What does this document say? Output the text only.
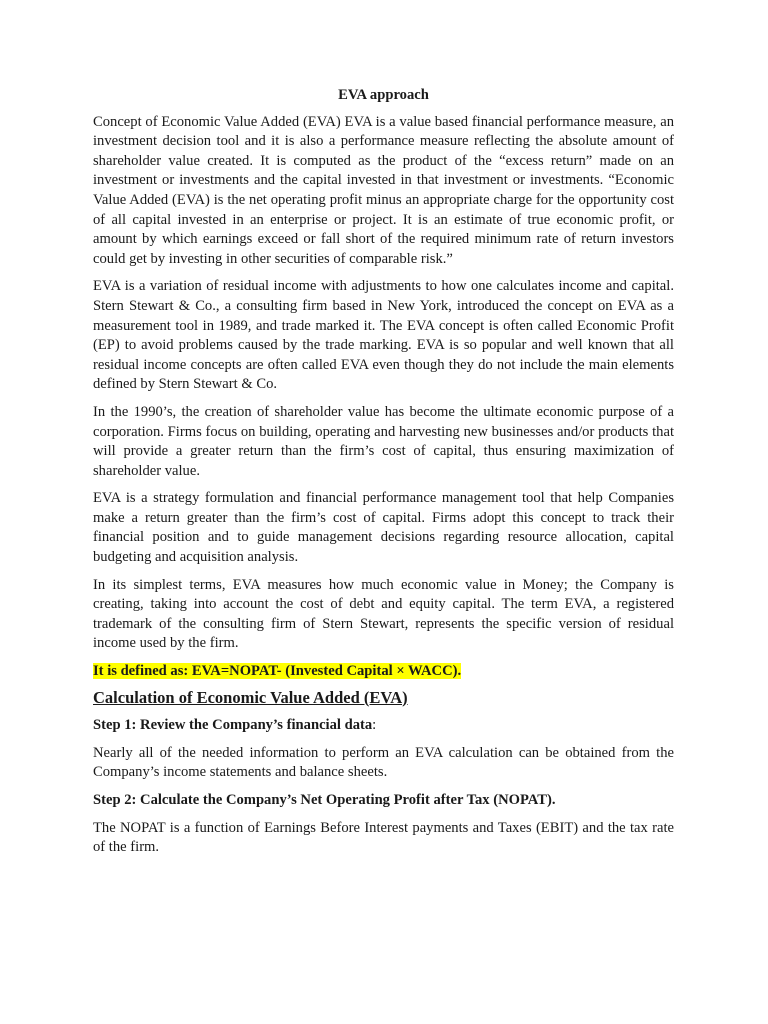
EVA approach

Concept of Economic Value Added (EVA) EVA is a value based financial performance measure, an investment decision tool and it is also a performance measure reflecting the absolute amount of shareholder value created. It is computed as the product of the “excess return” made on an investment or investments and the capital invested in that investment or investments. “Economic Value Added (EVA) is the net operating profit minus an appropriate charge for the opportunity cost of all capital invested in an enterprise or project. It is an estimate of true economic profit, or amount by which earnings exceed or fall short of the required minimum rate of return investors could get by investing in other securities of comparable risk.”

EVA is a variation of residual income with adjustments to how one calculates income and capital. Stern Stewart & Co., a consulting firm based in New York, introduced the concept on EVA as a measurement tool in 1989, and trade marked it. The EVA concept is often called Economic Profit (EP) to avoid problems caused by the trade marking. EVA is so popular and well known that all residual income concepts are often called EVA even though they do not include the main elements defined by Stern Stewart & Co.

In the 1990’s, the creation of shareholder value has become the ultimate economic purpose of a corporation. Firms focus on building, operating and harvesting new businesses and/or products that will provide a greater return than the firm’s cost of capital, thus ensuring maximization of shareholder value.

EVA is a strategy formulation and financial performance management tool that help Companies make a return greater than the firm’s cost of capital. Firms adopt this concept to track their financial position and to guide management decisions regarding resource allocation, capital budgeting and acquisition analysis.

In its simplest terms, EVA measures how much economic value in Money; the Company is creating, taking into account the cost of debt and equity capital. The term EVA, a registered trademark of the consulting firm of Stern Stewart, represents the specific version of residual income used by the firm.

It is defined as: EVA=NOPAT- (Invested Capital × WACC).
Calculation of Economic Value Added (EVA)
Step 1: Review the Company’s financial data:

Nearly all of the needed information to perform an EVA calculation can be obtained from the Company’s income statements and balance sheets.

Step 2: Calculate the Company’s Net Operating Profit after Tax (NOPAT).

The NOPAT is a function of Earnings Before Interest payments and Taxes (EBIT) and the tax rate of the firm.
